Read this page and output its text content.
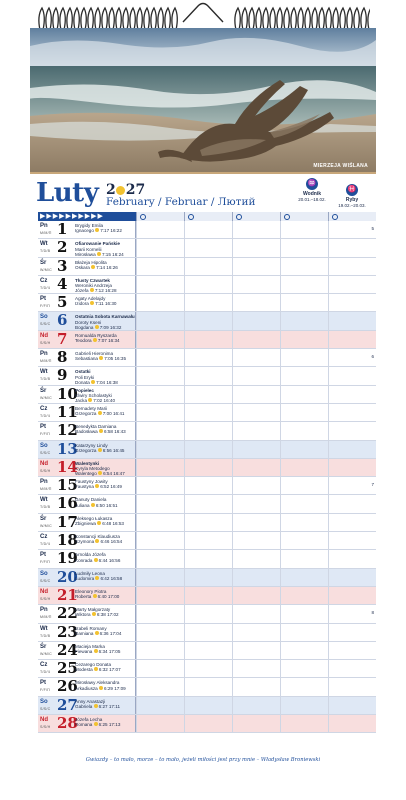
MIERZEJA WIŚLANA
Luty 2 27
February / Februar / Лютий
♒
Wodnik
20.01.–18.02.
♓
Ryby
19.02.–20.03.
▶ ▶ ▶ ▶ ▶ ▶ ▶ ▶ ▶ ▶
Pn
M/M/П 1 Brygidy Emila
Ignacego 7:17 16:22	5
Wt
T/D/В 2 Ofiarowanie Pańskie
Marii Kornelii
Mirosława 7:15 16:24
Śr
W/M/С 3 Błażeja Hipolita
Oskara 7:14 16:26
Cz
T/D/Ч 4 Tłusty Czwartek
Weroniki Andrzeja
Józefa 7:12 16:28
Pt
F/F/П 5 Agaty Adelajdy
Izidora 7:11 16:30
So
S/S/С 6 Ostatnia Sobota Karnawału
Doroty Kseni
Bogdana 7:09 16:32
Nd
S/S/Н 7 Romualda Ryszarda
Teodora 7:07 16:34
Pn
M/M/П 8 Gabrieli Hieronima
Sebastiana 7:05 16:35	6
Wt
T/D/В 9 Ostatki
Poli Eryki
Donata 7:04 16:38
Śr
W/M/С 10
Popielec
Elwiry Scholastyki
Jacka 7:02 16:40
Cz
T/D/Ч 11
Bernadety Marii
Grzegorza 7:00 16:41
Pt
F/F/П 12
Benedykta Damiana
Radosława 6:58 16:43
So
S/S/С 13
Katarzyny Lindy
Grzegorza 6:56 16:45
Nd
S/S/Н 14
Walentynki
Cyryla Metodego
Walentego 6:54 16:47
Pn
M/M/П 15
Faustyny Jowity
Faustyna 6:52 16:49	7
Wt
T/D/В 16
Danuty Daniela
Juliana 6:50 16:51
Śr
W/M/С 17
Aleksego Łukasza
Zbigniewa 6:48 16:53
Cz
T/D/Ч 18
Konstancji Klaudiusza
Szymona 6:46 16:54
Pt
F/F/П 19
Arnolda Józefa
Konrada 6:44 16:56
So
S/S/С 20
Ludmiły Leona
Ludomira 6:42 16:58
Nd
S/S/Н 21
Eleonory Piotra
Roberta 6:40 17:00
Pn
M/M/П 22
Marty Małgorzaty
Wiktora 6:38 17:02	8
Wt
T/D/В 23
Izabeli Romany
Damiana 6:36 17:04
Śr
W/M/С 24
Macieja Marka
Fiewana 6:34 17:05
Cz
T/D/Ч 25
Cezarego Donata
Modesta 6:32 17:07
Pt
F/F/П 26
Mirosławy Aleksandra
Arkadiusza 6:29 17:09
So
S/S/С 27
Anny Anastazji
Gabriela 6:27 17:11
Nd
S/S/Н 28
Józefa Lecha
Romana 6:25 17:13
Gwiazdy – to mało, morze – to mało, jeżeli miłości jest przy mnie – Władysław Broniewski
